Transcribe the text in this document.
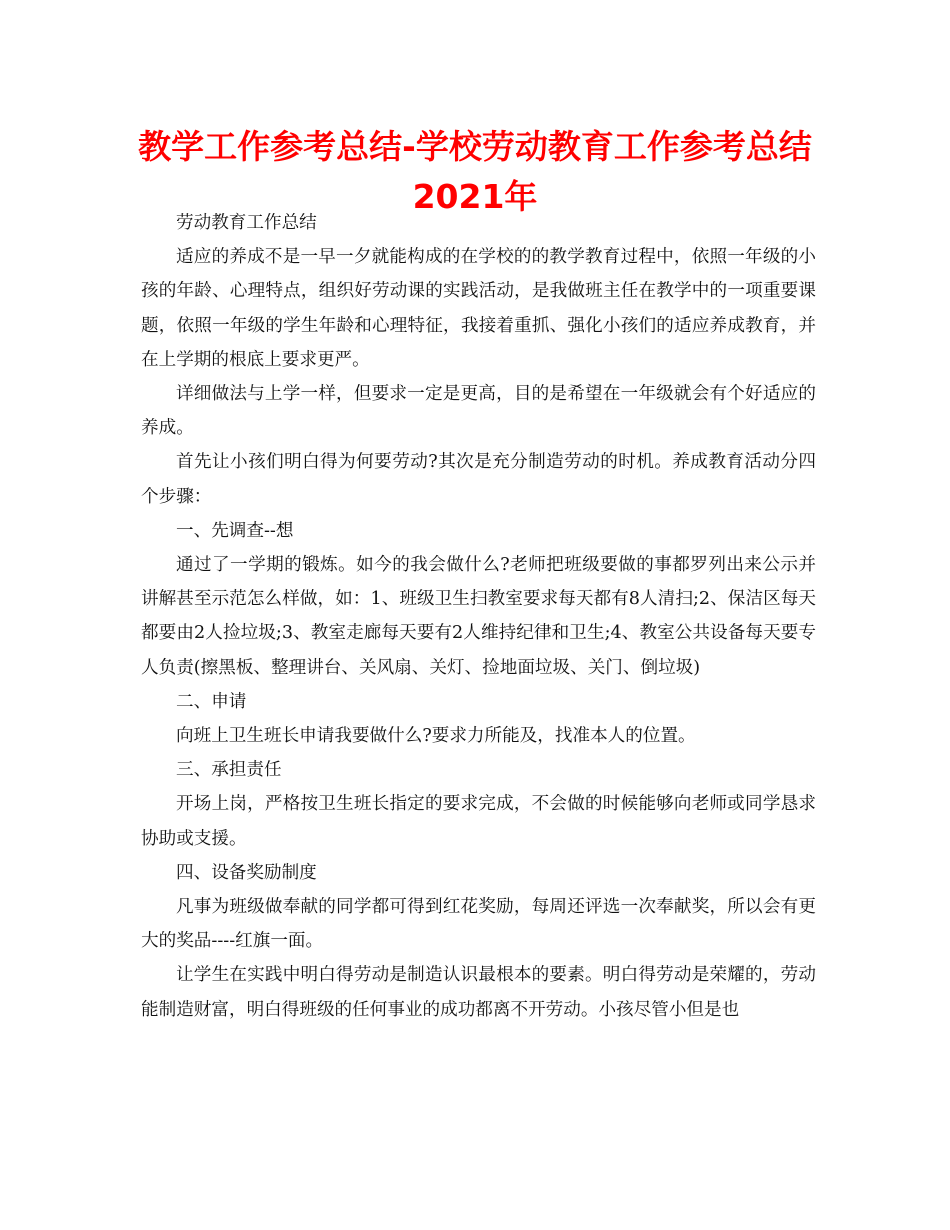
教学工作参考总结-学校劳动教育工作参考总结
2021年

劳动教育工作总结

适应的养成不是一早一夕就能构成的在学校的的教学教育过程中，依照一年级的小孩的年龄、心理特点，组织好劳动课的实践活动，是我做班主任在教学中的一项重要课题，依照一年级的学生年龄和心理特征，我接着重抓、强化小孩们的适应养成教育，并在上学期的根底上要求更严。

详细做法与上学一样，但要求一定是更高，目的是希望在一年级就会有个好适应的养成。

首先让小孩们明白得为何要劳动?其次是充分制造劳动的时机。养成教育活动分四个步骤：

一、先调查--想

通过了一学期的锻炼。如今的我会做什么?老师把班级要做的事都罗列出来公示并讲解甚至示范怎么样做，如：1、班级卫生扫教室要求每天都有8人清扫;2、保洁区每天都要由2人捡垃圾;3、教室走廊每天要有2人维持纪律和卫生;4、教室公共设备每天要专人负责(擦黑板、整理讲台、关风扇、关灯、捡地面垃圾、关门、倒垃圾)

二、申请

向班上卫生班长申请我要做什么?要求力所能及，找准本人的位置。

三、承担责任

开场上岗，严格按卫生班长指定的要求完成，不会做的时候能够向老师或同学恳求协助或支援。

四、设备奖励制度

凡事为班级做奉献的同学都可得到红花奖励，每周还评选一次奉献奖，所以会有更大的奖品----红旗一面。

让学生在实践中明白得劳动是制造认识最根本的要素。明白得劳动是荣耀的，劳动能制造财富，明白得班级的任何事业的成功都离不开劳动。小孩尽管小但是也
